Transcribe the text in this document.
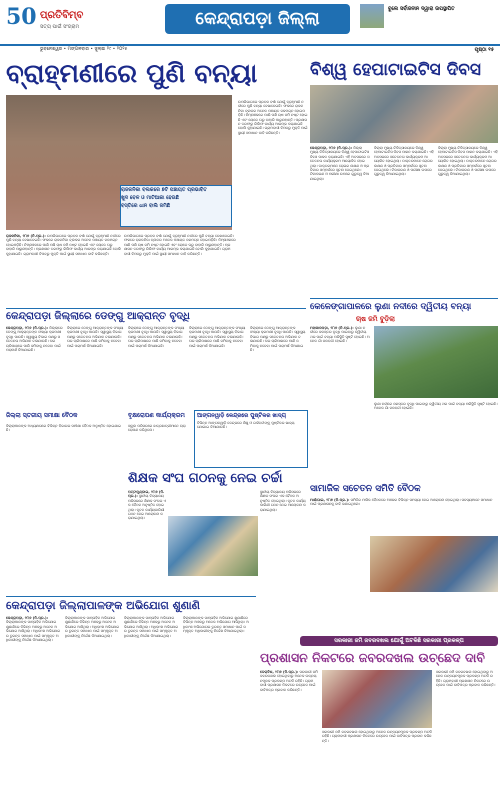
50 ପ୍ରତିବିମ୍ବ
ସତ୍ୟ ପାଇଁ ସଂଗ୍ରାମ	କେନ୍ଦ୍ରାପଡ଼ା ଜିଲ୍ଲା	ବୁଲେ ସର୍ବାଜନୀନ ଦ୍ୱାରା ଉପସ୍ଥାପିତ
ଭୁବନେଶ୍ୱର • ମଙ୍ଗଳବାର • ଜୁଲାଇ ୨୯ • ୨୦୨୫	ପୃଷ୍ଠା ୧୫
ବ୍ରାହ୍ମଣୀରେ ପୁଣି ବନ୍ୟା
ରାଜକନିକା ବଲକରେ ୭ଟି ପଞ୍ଚାୟତ ପ୍ରଭାବିତ
ଖୁଦ ବେଳ ଓ ମାଟିଆକା ହେଉଛି
ବସ୍ତିରେ ଧାନ ବାଲି ଜମିଛି
ରାଜକନିକା, ୨୮ା୭ (ନି.ପ୍ର.): ଉପରିଭାଗରେ ପ୍ରବଳ ବର୍ଷା ଯୋଗୁଁ ବ୍ରାହ୍ମଣୀ ନଦୀରେ ପୁଣି ବନ୍ୟା ଦେଖାଦେଇଛି। ଫଳରେ ରାଜକନିକା ବ୍ଲକର ଅନେକ ପଞ୍ଚାୟତ ଜଳମଗ୍ନ ହୋଇପଡ଼ିଛି। ନିମ୍ନାଞ୍ଚଳରେ ପାଣି ପଶି ଚାଷ ଜମି ନଷ୍ଟ ହୋଇଛି ଏବଂ ଲୋକେ ଘରୁ ବାହାରି ପାରୁନାହାନ୍ତି। ପ୍ରଶାସନ ତରଫରୁ ରିଲିଫ କାର୍ଯ୍ୟ ଆରମ୍ଭ କରାଯାଇଛି ବୋଲି କୁହାଯାଇଛି। ଗ୍ରାମବାସୀ ବିପଦରୁ ମୁକ୍ତି ପାଇଁ ସ୍ଥାୟୀ ସମାଧାନ ଦାବି କରିଛନ୍ତି।
ଉପରିଭାଗରେ ପ୍ରବଳ ବର୍ଷା ଯୋଗୁଁ ବ୍ରାହ୍ମଣୀ ନଦୀରେ ପୁଣି ବନ୍ୟା ଦେଖାଦେଇଛି। ଫଳରେ ରାଜକନିକା ବ୍ଲକର ଅନେକ ପଞ୍ଚାୟତ ଜଳମଗ୍ନ ହୋଇପଡ଼ିଛି। ନିମ୍ନାଞ୍ଚଳରେ ପାଣି ପଶି ଚାଷ ଜମି ନଷ୍ଟ ହୋଇଛି ଏବଂ ଲୋକେ ଘରୁ ବାହାରି ପାରୁନାହାନ୍ତି। ପ୍ରଶାସନ ତରଫରୁ ରିଲିଫ କାର୍ଯ୍ୟ ଆରମ୍ଭ କରାଯାଇଛି ବୋଲି କୁହାଯାଇଛି। ଗ୍ରାମବାସୀ ବିପଦରୁ ମୁକ୍ତି ପାଇଁ ସ୍ଥାୟୀ ସମାଧାନ ଦାବି କରିଛନ୍ତି।
ଉପରିଭାଗରେ ପ୍ରବଳ ବର୍ଷା ଯୋଗୁଁ ବ୍ରାହ୍ମଣୀ ନଦୀରେ ପୁଣି ବନ୍ୟା ଦେଖାଦେଇଛି। ଫଳରେ ରାଜକନିକା ବ୍ଲକର ଅନେକ ପଞ୍ଚାୟତ ଜଳମଗ୍ନ ହୋଇପଡ଼ିଛି। ନିମ୍ନାଞ୍ଚଳରେ ପାଣି ପଶି ଚାଷ ଜମି ନଷ୍ଟ ହୋଇଛି ଏବଂ ଲୋକେ ଘରୁ ବାହାରି ପାରୁନାହାନ୍ତି। ପ୍ରଶାସନ ତରଫରୁ ରିଲିଫ କାର୍ଯ୍ୟ ଆରମ୍ଭ କରାଯାଇଛି ବୋଲି କୁହାଯାଇଛି। ଗ୍ରାମବାସୀ ବିପଦରୁ ମୁକ୍ତି ପାଇଁ ସ୍ଥାୟୀ ସମାଧାନ ଦାବି କରିଛନ୍ତି।
ବିଶ୍ୱ ହେପାଟାଇଟିସ ଦିବସ
କେନ୍ଦ୍ରାପଡ଼ା, ୨୮ା୭ (ନି.ପ୍ର.): ଜିଲ୍ଲା ମୁଖ୍ୟ ଚିକିତ୍ସାଳୟରେ ବିଶ୍ୱ ହେପାଟାଇଟିସ ଦିବସ ପାଳନ କରାଯାଇଛି। ଏହି ଅବସରରେ ସଚେତନତା କାର୍ଯ୍ୟକ୍ରମ ଆୟୋଜିତ ହୋଇଥିଲା। ଡାକ୍ତରମାନେ ରୋଗର ଲକ୍ଷଣ ଓ ପ୍ରତିକାର ସମ୍ପର୍କରେ ସୂଚନା ଦେଇଥିଲେ। ଟିକାକରଣ ଓ ପରୀକ୍ଷା ଉପରେ ଗୁରୁତ୍ୱ ଦିଆଯାଇଥିଲା।
ଜିଲ୍ଲା ମୁଖ୍ୟ ଚିକିତ୍ସାଳୟରେ ବିଶ୍ୱ ହେପାଟାଇଟିସ ଦିବସ ପାଳନ କରାଯାଇଛି। ଏହି ଅବସରରେ ସଚେତନତା କାର୍ଯ୍ୟକ୍ରମ ଆୟୋଜିତ ହୋଇଥିଲା। ଡାକ୍ତରମାନେ ରୋଗର ଲକ୍ଷଣ ଓ ପ୍ରତିକାର ସମ୍ପର୍କରେ ସୂଚନା ଦେଇଥିଲେ। ଟିକାକରଣ ଓ ପରୀକ୍ଷା ଉପରେ ଗୁରୁତ୍ୱ ଦିଆଯାଇଥିଲା।
ଜିଲ୍ଲା ମୁଖ୍ୟ ଚିକିତ୍ସାଳୟରେ ବିଶ୍ୱ ହେପାଟାଇଟିସ ଦିବସ ପାଳନ କରାଯାଇଛି। ଏହି ଅବସରରେ ସଚେତନତା କାର୍ଯ୍ୟକ୍ରମ ଆୟୋଜିତ ହୋଇଥିଲା। ଡାକ୍ତରମାନେ ରୋଗର ଲକ୍ଷଣ ଓ ପ୍ରତିକାର ସମ୍ପର୍କରେ ସୂଚନା ଦେଇଥିଲେ। ଟିକାକରଣ ଓ ପରୀକ୍ଷା ଉପରେ ଗୁରୁତ୍ୱ ଦିଆଯାଇଥିଲା।
କେଳେଙ୍ଗାପାଳରେ ଲୁଣା ନଦୀରେ ଦ୍ୱିତୀୟ ବନ୍ୟା
ଚାଷ ଜମି ବୁଡ଼ିଲା
ମହାକାଳପଡ଼ା, ୨୮ା୭ (ନି.ପ୍ର.): ଲୁଣା ନଦୀରେ ଜଳସ୍ତର ବୃଦ୍ଧି ପାଇବାରୁ ଦ୍ୱିତୀୟ ଥର ପାଇଁ ବନ୍ୟା ପରିସ୍ଥିତି ସୃଷ୍ଟି ହୋଇଛି। ଅନେକ ଗାଁ ଜଳବନ୍ଦୀ ହୋଇଛି।
ଲୁଣା ନଦୀରେ ଜଳସ୍ତର ବୃଦ୍ଧି ପାଇବାରୁ ଦ୍ୱିତୀୟ ଥର ପାଇଁ ବନ୍ୟା ପରିସ୍ଥିତି ସୃଷ୍ଟି ହୋଇଛି। ଅନେକ ଗାଁ ଜଳବନ୍ଦୀ ହୋଇଛି।
କେନ୍ଦ୍ରାପଡ଼ା ଜିଲ୍ଲାରେ ଡେଙ୍ଗୁ ଆକ୍ରାନ୍ତ ବୃଦ୍ଧି
କେନ୍ଦ୍ରାପଡ଼ା, ୨୮ା୭ (ନି.ପ୍ର.): ଜିଲ୍ଲାରେ ଡେଙ୍ଗୁ ଆକ୍ରାନ୍ତଙ୍କ ସଂଖ୍ୟା କ୍ରମଶଃ ବୃଦ୍ଧି ପାଉଛି। ସ୍ୱାସ୍ଥ୍ୟ ବିଭାଗ ପକ୍ଷରୁ ସଚେତନତା ଅଭିଯାନ ଚଳାଯାଉଛି। ଘର ଚାରିପାଖରେ ପାଣି ଜମିବାକୁ ନଦେବା ପାଇଁ ପରାମର୍ଶ ଦିଆଯାଇଛି।
ଜିଲ୍ଲାରେ ଡେଙ୍ଗୁ ଆକ୍ରାନ୍ତଙ୍କ ସଂଖ୍ୟା କ୍ରମଶଃ ବୃଦ୍ଧି ପାଉଛି। ସ୍ୱାସ୍ଥ୍ୟ ବିଭାଗ ପକ୍ଷରୁ ସଚେତନତା ଅଭିଯାନ ଚଳାଯାଉଛି। ଘର ଚାରିପାଖରେ ପାଣି ଜମିବାକୁ ନଦେବା ପାଇଁ ପରାମର୍ଶ ଦିଆଯାଇଛି।
ଜିଲ୍ଲାରେ ଡେଙ୍ଗୁ ଆକ୍ରାନ୍ତଙ୍କ ସଂଖ୍ୟା କ୍ରମଶଃ ବୃଦ୍ଧି ପାଉଛି। ସ୍ୱାସ୍ଥ୍ୟ ବିଭାଗ ପକ୍ଷରୁ ସଚେତନତା ଅଭିଯାନ ଚଳାଯାଉଛି। ଘର ଚାରିପାଖରେ ପାଣି ଜମିବାକୁ ନଦେବା ପାଇଁ ପରାମର୍ଶ ଦିଆଯାଇଛି।
ଜିଲ୍ଲାରେ ଡେଙ୍ଗୁ ଆକ୍ରାନ୍ତଙ୍କ ସଂଖ୍ୟା କ୍ରମଶଃ ବୃଦ୍ଧି ପାଉଛି। ସ୍ୱାସ୍ଥ୍ୟ ବିଭାଗ ପକ୍ଷରୁ ସଚେତନତା ଅଭିଯାନ ଚଳାଯାଉଛି। ଘର ଚାରିପାଖରେ ପାଣି ଜମିବାକୁ ନଦେବା ପାଇଁ ପରାମର୍ଶ ଦିଆଯାଇଛି।
ଜିଲ୍ଲାରେ ଡେଙ୍ଗୁ ଆକ୍ରାନ୍ତଙ୍କ ସଂଖ୍ୟା କ୍ରମଶଃ ବୃଦ୍ଧି ପାଉଛି। ସ୍ୱାସ୍ଥ୍ୟ ବିଭାଗ ପକ୍ଷରୁ ସଚେତନତା ଅଭିଯାନ ଚଳାଯାଉଛି। ଘର ଚାରିପାଖରେ ପାଣି ଜମିବାକୁ ନଦେବା ପାଇଁ ପରାମର୍ଶ ଦିଆଯାଇଛି।
ଜିଲ୍ଲା ସ୍ତରୀୟ ସମୀକ୍ଷା ବୈଠକ
ଜିଲ୍ଲାପାଳଙ୍କ ଅଧ୍ୟକ୍ଷତାରେ ବିଭିନ୍ନ ବିଭାଗର ସମୀକ୍ଷା ବୈଠକ ଅନୁଷ୍ଠିତ ହୋଇଯାଇଛି।
ବୃକ୍ଷରୋପଣ କାର୍ଯ୍ୟକ୍ରମ
ସ୍କୁଲ ପରିସରରେ ଛାତ୍ରଛାତ୍ରୀମାନେ ଚାରା ରୋପଣ କରିଥିଲେ।
ଆଙ୍ଗନୱାଡ଼ି କେନ୍ଦ୍ରରେ ପୁଷ୍ଟିକର ଖାଦ୍ୟ
ବିଭିନ୍ନ ଆଙ୍ଗନୱାଡ଼ି କେନ୍ଦ୍ରରେ ଶିଶୁ ଓ ଗର୍ଭବତୀଙ୍କୁ ପୁଷ୍ଟିକର ଖାଦ୍ୟ ଯୋଗାଇ ଦିଆଯାଉଛି।
ଶିକ୍ଷକ ସଂଘ ଗଠନକୁ ନେଇ ଚର୍ଚ୍ଚା
ପଟ୍ଟାମୁଣ୍ଡାଇ, ୨୮ା୭ (ନି.ପ୍ର.): ସ୍ଥାନୀୟ ବିଦ୍ୟାଳୟ ପରିସରରେ ଶିକ୍ଷକ ସଂଘର ଏକ ବୈଠକ ଅନୁଷ୍ଠିତ ହୋଇଥିଲା। ନୂତନ କାର୍ଯ୍ୟକାରିଣୀ ଗଠନ ନେଇ ଆଲୋଚନା କରାଯାଇଥିଲା।
ସ୍ଥାନୀୟ ବିଦ୍ୟାଳୟ ପରିସରରେ ଶିକ୍ଷକ ସଂଘର ଏକ ବୈଠକ ଅନୁଷ୍ଠିତ ହୋଇଥିଲା। ନୂତନ କାର୍ଯ୍ୟକାରିଣୀ ଗଠନ ନେଇ ଆଲୋଚନା କରାଯାଇଥିଲା।
ସାମାଜିକ ସଚେତନ ସମିତି ବୈଠକ
ମାର୍ଶାଘାଇ, ୨୮ା୭ (ନି.ପ୍ର.): ସମିତିର ମାସିକ ବୈଠକରେ ଅଞ୍ଚଳର ବିଭିନ୍ନ ସମସ୍ୟା ନେଇ ଆଲୋଚନା ହୋଇଥିଲା। ସଦସ୍ୟମାନେ ସମାଧାନ ପାଇଁ ପ୍ରଶାସନକୁ ଦାବି ଜଣାଇଥିଲେ।
କେନ୍ଦ୍ରାପଡ଼ା ଜିଲ୍ଲାପାଳଙ୍କ ଅଭିଯୋଗ ଶୁଣାଣି
କେନ୍ଦ୍ରାପଡ଼ା, ୨୮ା୭ (ନି.ପ୍ର.): ଜିଲ୍ଲାପାଳଙ୍କ ସାପ୍ତାହିକ ଅଭିଯୋଗ ଶୁଣାଣିରେ ବିଭିନ୍ନ ଅଞ୍ଚଳରୁ ଅନେକ ଅଭିଯୋଗ ଆସିଥିଲା। ଅଧିକାଂଶ ଅଭିଯୋଗର ତୁରନ୍ତ ସମାଧାନ ପାଇଁ ସମ୍ପୃକ୍ତ ଅଧିକାରୀଙ୍କୁ ନିର୍ଦ୍ଦେଶ ଦିଆଯାଇଥିଲା।
ଜିଲ୍ଲାପାଳଙ୍କ ସାପ୍ତାହିକ ଅଭିଯୋଗ ଶୁଣାଣିରେ ବିଭିନ୍ନ ଅଞ୍ଚଳରୁ ଅନେକ ଅଭିଯୋଗ ଆସିଥିଲା। ଅଧିକାଂଶ ଅଭିଯୋଗର ତୁରନ୍ତ ସମାଧାନ ପାଇଁ ସମ୍ପୃକ୍ତ ଅଧିକାରୀଙ୍କୁ ନିର୍ଦ୍ଦେଶ ଦିଆଯାଇଥିଲା।
ଜିଲ୍ଲାପାଳଙ୍କ ସାପ୍ତାହିକ ଅଭିଯୋଗ ଶୁଣାଣିରେ ବିଭିନ୍ନ ଅଞ୍ଚଳରୁ ଅନେକ ଅଭିଯୋଗ ଆସିଥିଲା। ଅଧିକାଂଶ ଅଭିଯୋଗର ତୁରନ୍ତ ସମାଧାନ ପାଇଁ ସମ୍ପୃକ୍ତ ଅଧିକାରୀଙ୍କୁ ନିର୍ଦ୍ଦେଶ ଦିଆଯାଇଥିଲା।
ଜିଲ୍ଲାପାଳଙ୍କ ସାପ୍ତାହିକ ଅଭିଯୋଗ ଶୁଣାଣିରେ ବିଭିନ୍ନ ଅଞ୍ଚଳରୁ ଅନେକ ଅଭିଯୋଗ ଆସିଥିଲା। ଅଧିକାଂଶ ଅଭିଯୋଗର ତୁରନ୍ତ ସମାଧାନ ପାଇଁ ସମ୍ପୃକ୍ତ ଅଧିକାରୀଙ୍କୁ ନିର୍ଦ୍ଦେଶ ଦିଆଯାଇଥିଲା।
ସରକାରୀ ଜମି ଜବରଦଖଲ ଯୋଗୁଁ ଅଟକିଛି ସରକାରୀ ପ୍ରକଳ୍ପ
ପ୍ରଶାସନ ନିକଟରେ ଜବରଦଖଲ ଉଚ୍ଛେଦ ଦାବି
ଡେରାବିଶ, ୨୮ା୭ (ନି.ପ୍ର.): ସରକାରୀ ଜମି ଜବରଦଖଲ ହୋଇଥିବାରୁ ଅନେକ ଉନ୍ନୟନମୂଳକ ପ୍ରକଳ୍ପ ଅଟକି ରହିଛି। ଗ୍ରାମବାସୀ ପ୍ରଶାସନ ନିକଟରେ ଉଚ୍ଛେଦ ପାଇଁ ଦାବିପତ୍ର ପ୍ରଦାନ କରିଛନ୍ତି।
ସରକାରୀ ଜମି ଜବରଦଖଲ ହୋଇଥିବାରୁ ଅନେକ ଉନ୍ନୟନମୂଳକ ପ୍ରକଳ୍ପ ଅଟକି ରହିଛି। ଗ୍ରାମବାସୀ ପ୍ରଶାସନ ନିକଟରେ ଉଚ୍ଛେଦ ପାଇଁ ଦାବିପତ୍ର ପ୍ରଦାନ କରିଛନ୍ତି।
ସରକାରୀ ଜମି ଜବରଦଖଲ ହୋଇଥିବାରୁ ଅନେକ ଉନ୍ନୟନମୂଳକ ପ୍ରକଳ୍ପ ଅଟକି ରହିଛି। ଗ୍ରାମବାସୀ ପ୍ରଶାସନ ନିକଟରେ ଉଚ୍ଛେଦ ପାଇଁ ଦାବିପତ୍ର ପ୍ରଦାନ କରିଛନ୍ତି।
